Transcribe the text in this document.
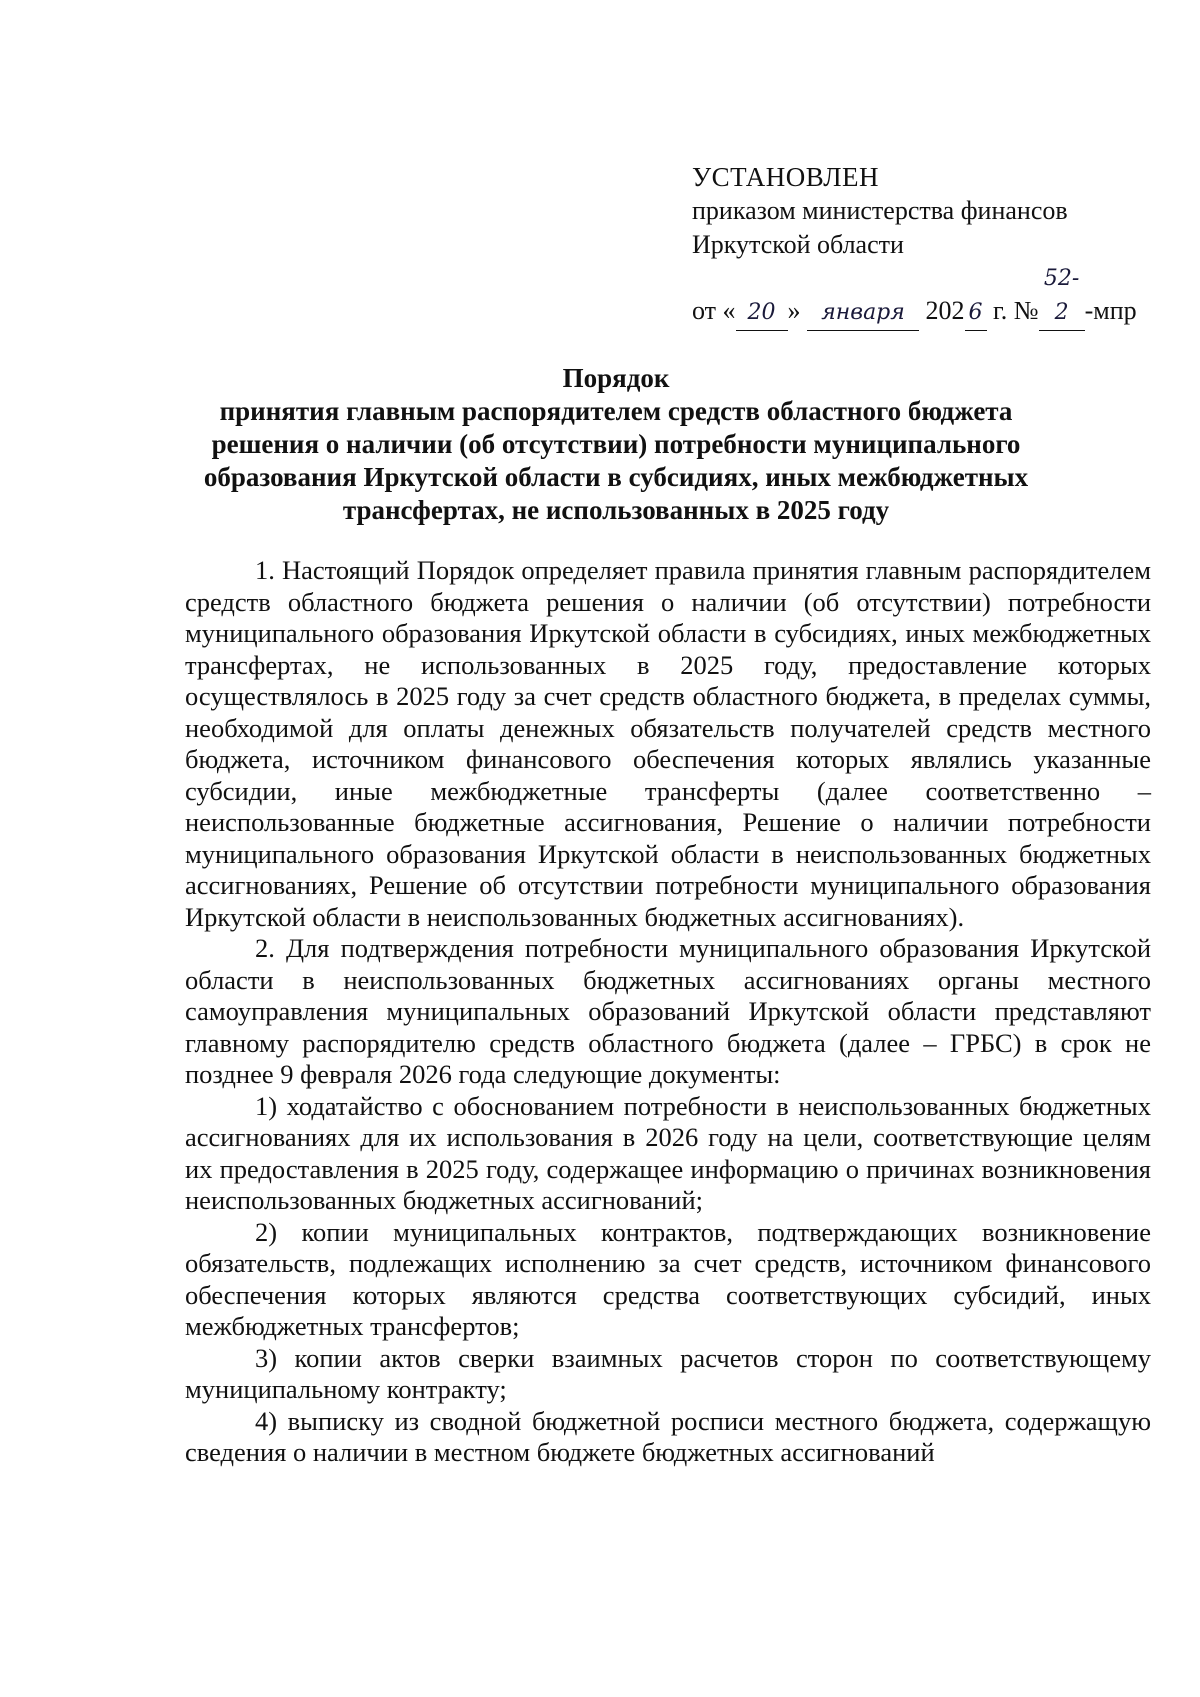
УСТАНОВЛЕН
приказом министерства финансов
Иркутской области
от « 20 » января 202 6 г. №52-2 -мпр
Порядок
принятия главным распорядителем средств областного бюджета
решения о наличии (об отсутствии) потребности муниципального
образования Иркутской области в субсидиях, иных межбюджетных
трансфертах, не использованных в 2025 году

1. Настоящий Порядок определяет правила принятия главным распорядителем средств областного бюджета решения о наличии (об отсутствии) потребности муниципального образования Иркутской области в субсидиях, иных межбюджетных трансфертах, не использованных в 2025 году, предоставление которых осуществлялось в 2025 году за счет средств областного бюджета, в пределах суммы, необходимой для оплаты денежных обязательств получателей средств местного бюджета, источником финансового обеспечения которых являлись указанные субсидии, иные межбюджетные трансферты (далее соответственно – неиспользованные бюджетные ассигнования, Решение о наличии потребности муниципального образования Иркутской области в неиспользованных бюджетных ассигнованиях, Решение об отсутствии потребности муниципального образования Иркутской области в неиспользованных бюджетных ассигнованиях).

2. Для подтверждения потребности муниципального образования Иркутской области в неиспользованных бюджетных ассигнованиях органы местного самоуправления муниципальных образований Иркутской области представляют главному распорядителю средств областного бюджета (далее – ГРБС) в срок не позднее 9 февраля 2026 года следующие документы:

1) ходатайство с обоснованием потребности в неиспользованных бюджетных ассигнованиях для их использования в 2026 году на цели, соответствующие целям их предоставления в 2025 году, содержащее информацию о причинах возникновения неиспользованных бюджетных ассигнований;

2) копии муниципальных контрактов, подтверждающих возникновение обязательств, подлежащих исполнению за счет средств, источником финансового обеспечения которых являются средства соответствующих субсидий, иных межбюджетных трансфертов;

3) копии актов сверки взаимных расчетов сторон по соответствующему муниципальному контракту;

4) выписку из сводной бюджетной росписи местного бюджета, содержащую сведения о наличии в местном бюджете бюджетных ассигнований
